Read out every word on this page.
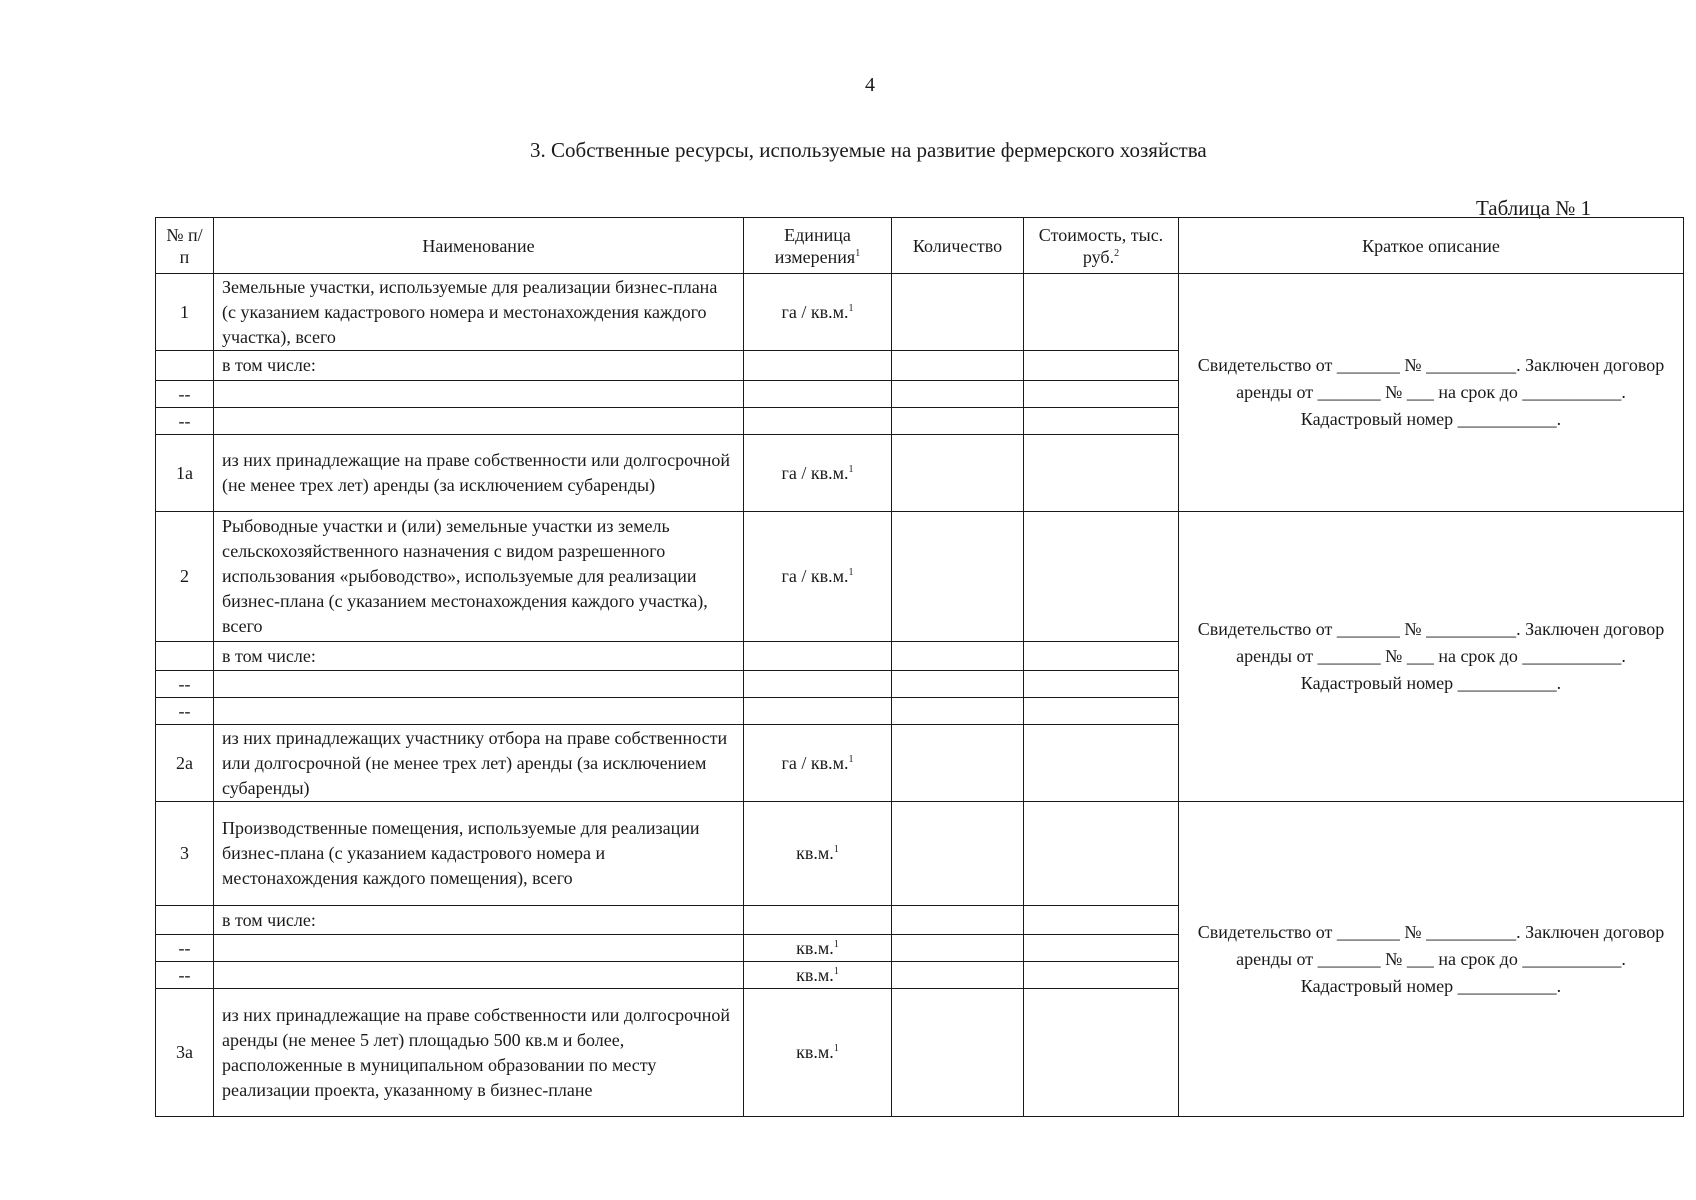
4
3. Собственные ресурсы, используемые на развитие фермерского хозяйства
Таблица № 1
№ п/п	Наименование	Единица измерения$^1$	Количество	Стоимость, тыс. руб.$^2$	Краткое описание
1	Земельные участки, используемые для реализации бизнес-плана (с указанием кадастрового номера и местонахождения каждого участка), всего	га / кв.м.$^1$			Свидетельство от _______ № __________. Заключен договор аренды от _______ № ___ на срок до ___________. Кадастровый номер ___________.
	в том числе:				
--					
--					
1а	из них принадлежащие на праве собственности или долгосрочной (не менее трех лет) аренды (за исключением субаренды)	га / кв.м.$^1$		
2	Рыбоводные участки и (или) земельные участки из земель сельскохозяйственного назначения с видом разрешенного использования «рыбоводство», используемые для реализации бизнес-плана (с указанием местонахождения каждого участка), всего	га / кв.м.$^1$			Свидетельство от _______ № __________. Заключен договор аренды от _______ № ___ на срок до ___________. Кадастровый номер ___________.
	в том числе:				
--					
--					
2а	из них принадлежащих участнику отбора на праве собственности или долгосрочной (не менее трех лет) аренды (за исключением субаренды)	га / кв.м.$^1$		
3	Производственные помещения, используемые для реализации бизнес-плана (с указанием кадастрового номера и местонахождения каждого помещения), всего	кв.м.$^1$			Свидетельство от _______ № __________. Заключен договор аренды от _______ № ___ на срок до ___________. Кадастровый номер ___________.
	в том числе:				
--		кв.м.$^1$		
--		кв.м.$^1$		
3а	из них принадлежащие на праве собственности или долгосрочной аренды (не менее 5 лет) площадью 500 кв.м и более, расположенные в муниципальном образовании по месту реализации проекта, указанному в бизнес-плане	кв.м.$^1$		
